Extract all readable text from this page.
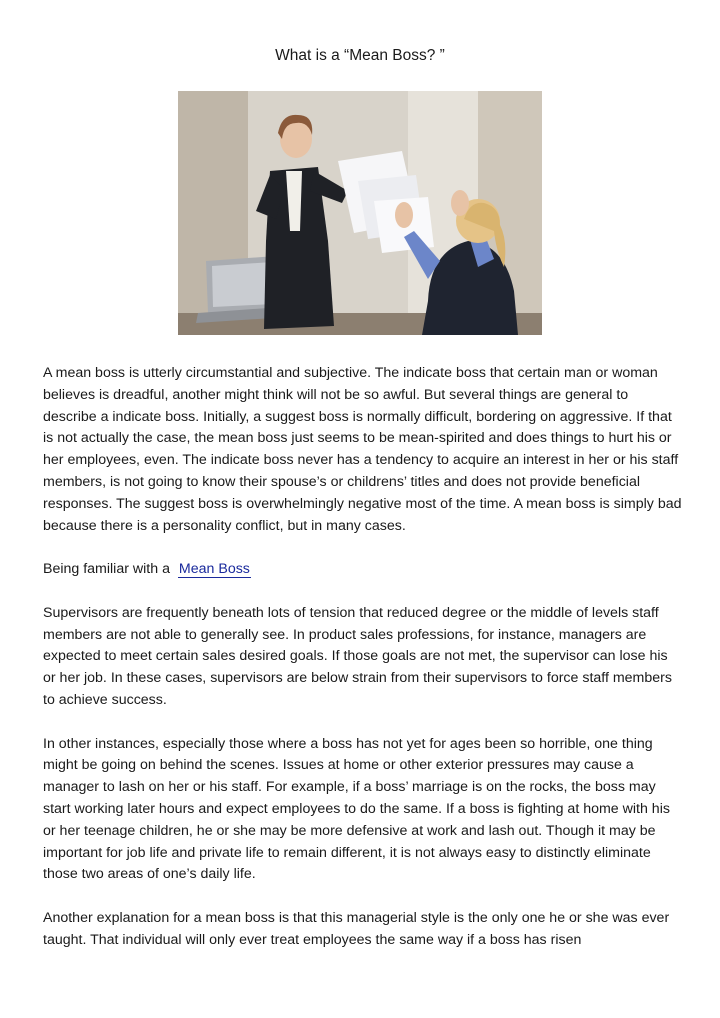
What is a “Mean Boss? ”

A mean boss is utterly circumstantial and subjective. The indicate boss that certain man or woman believes is dreadful, another might think will not be so awful. But several things are general to describe a indicate boss. Initially, a suggest boss is normally difficult, bordering on aggressive. If that is not actually the case, the mean boss just seems to be mean-spirited and does things to hurt his or her employees, even. The indicate boss never has a tendency to acquire an interest in her or his staff members, is not going to know their spouse’s or childrens’ titles and does not provide beneficial responses. The suggest boss is overwhelmingly negative most of the time. A mean boss is simply bad because there is a personality conflict, but in many cases.

Being familiar with a Mean Boss

Supervisors are frequently beneath lots of tension that reduced degree or the middle of levels staff members are not able to generally see. In product sales professions, for instance, managers are expected to meet certain sales desired goals. If those goals are not met, the supervisor can lose his or her job. In these cases, supervisors are below strain from their supervisors to force staff members to achieve success.

In other instances, especially those where a boss has not yet for ages been so horrible, one thing might be going on behind the scenes. Issues at home or other exterior pressures may cause a manager to lash on her or his staff. For example, if a boss’ marriage is on the rocks, the boss may start working later hours and expect employees to do the same. If a boss is fighting at home with his or her teenage children, he or she may be more defensive at work and lash out. Though it may be important for job life and private life to remain different, it is not always easy to distinctly eliminate those two areas of one’s daily life.

Another explanation for a mean boss is that this managerial style is the only one he or she was ever taught. That individual will only ever treat employees the same way if a boss has risen
